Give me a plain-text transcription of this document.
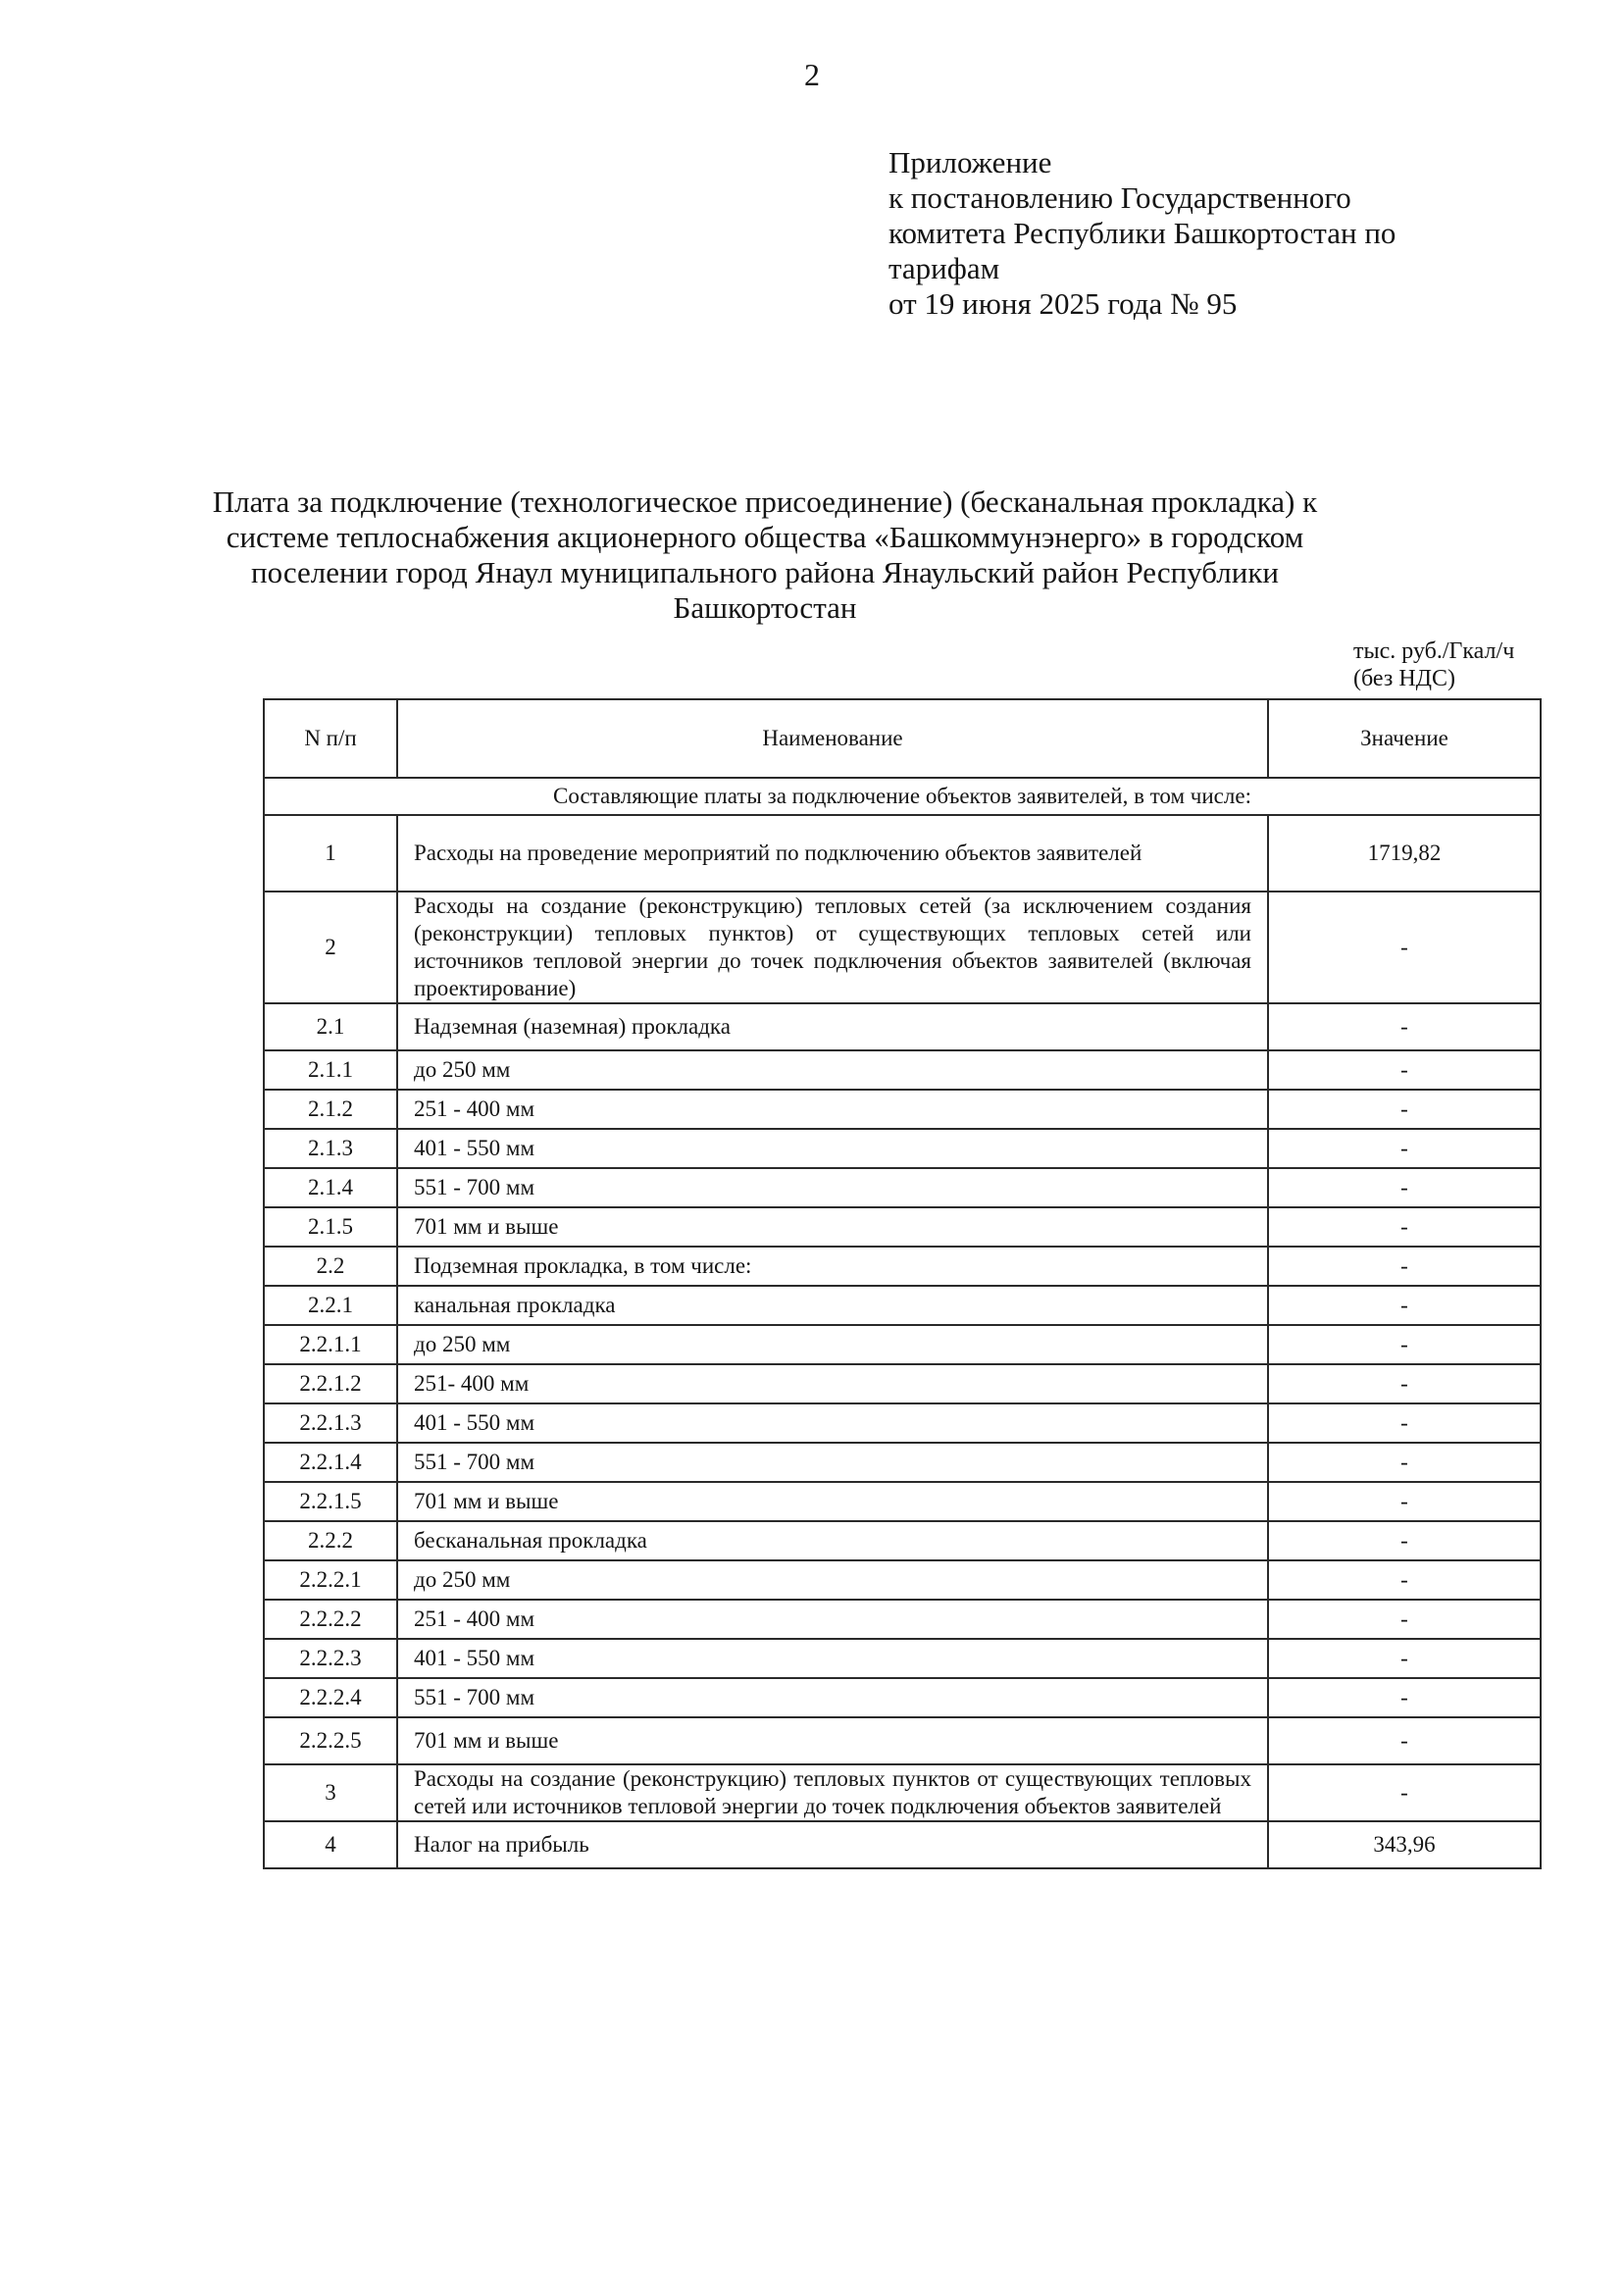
2
Приложение
к постановлению Государственного
комитета Республики Башкортостан по
тарифам
от 19 июня 2025 года № 95
Плата за подключение (технологическое присоединение) (бесканальная прокладка) к
системе теплоснабжения акционерного общества «Башкоммунэнерго» в городском
поселении город Янаул муниципального района Янаульский район Республики
Башкортостан
тыс. руб./Гкал/ч
(без НДС)
N п/п	Наименование	Значение
Составляющие платы за подключение объектов заявителей, в том числе:		
1	Расходы на проведение мероприятий по подключению объектов заявителей	1719,82
2	Расходы на создание (реконструкцию) тепловых сетей (за исключением создания (реконструкции) тепловых пунктов) от существующих тепловых сетей или источников тепловой энергии до точек подключения объектов заявителей (включая проектирование)	-
2.1	Надземная (наземная) прокладка	-
2.1.1	до 250 мм	-
2.1.2	251 - 400 мм	-
2.1.3	401 - 550 мм	-
2.1.4	551 - 700 мм	-
2.1.5	701 мм и выше	-
2.2	Подземная прокладка, в том числе:	-
2.2.1	канальная прокладка	-
2.2.1.1	до 250 мм	-
2.2.1.2	251- 400 мм	-
2.2.1.3	401 - 550 мм	-
2.2.1.4	551 - 700 мм	-
2.2.1.5	701 мм и выше	-
2.2.2	бесканальная прокладка	-
2.2.2.1	до 250 мм	-
2.2.2.2	251 - 400 мм	-
2.2.2.3	401 - 550 мм	-
2.2.2.4	551 - 700 мм	-
2.2.2.5	701 мм и выше	-
3	Расходы на создание (реконструкцию) тепловых пунктов от существующих тепловых сетей или источников тепловой энергии до точек подключения объектов заявителей	-
4	Налог на прибыль	343,96
